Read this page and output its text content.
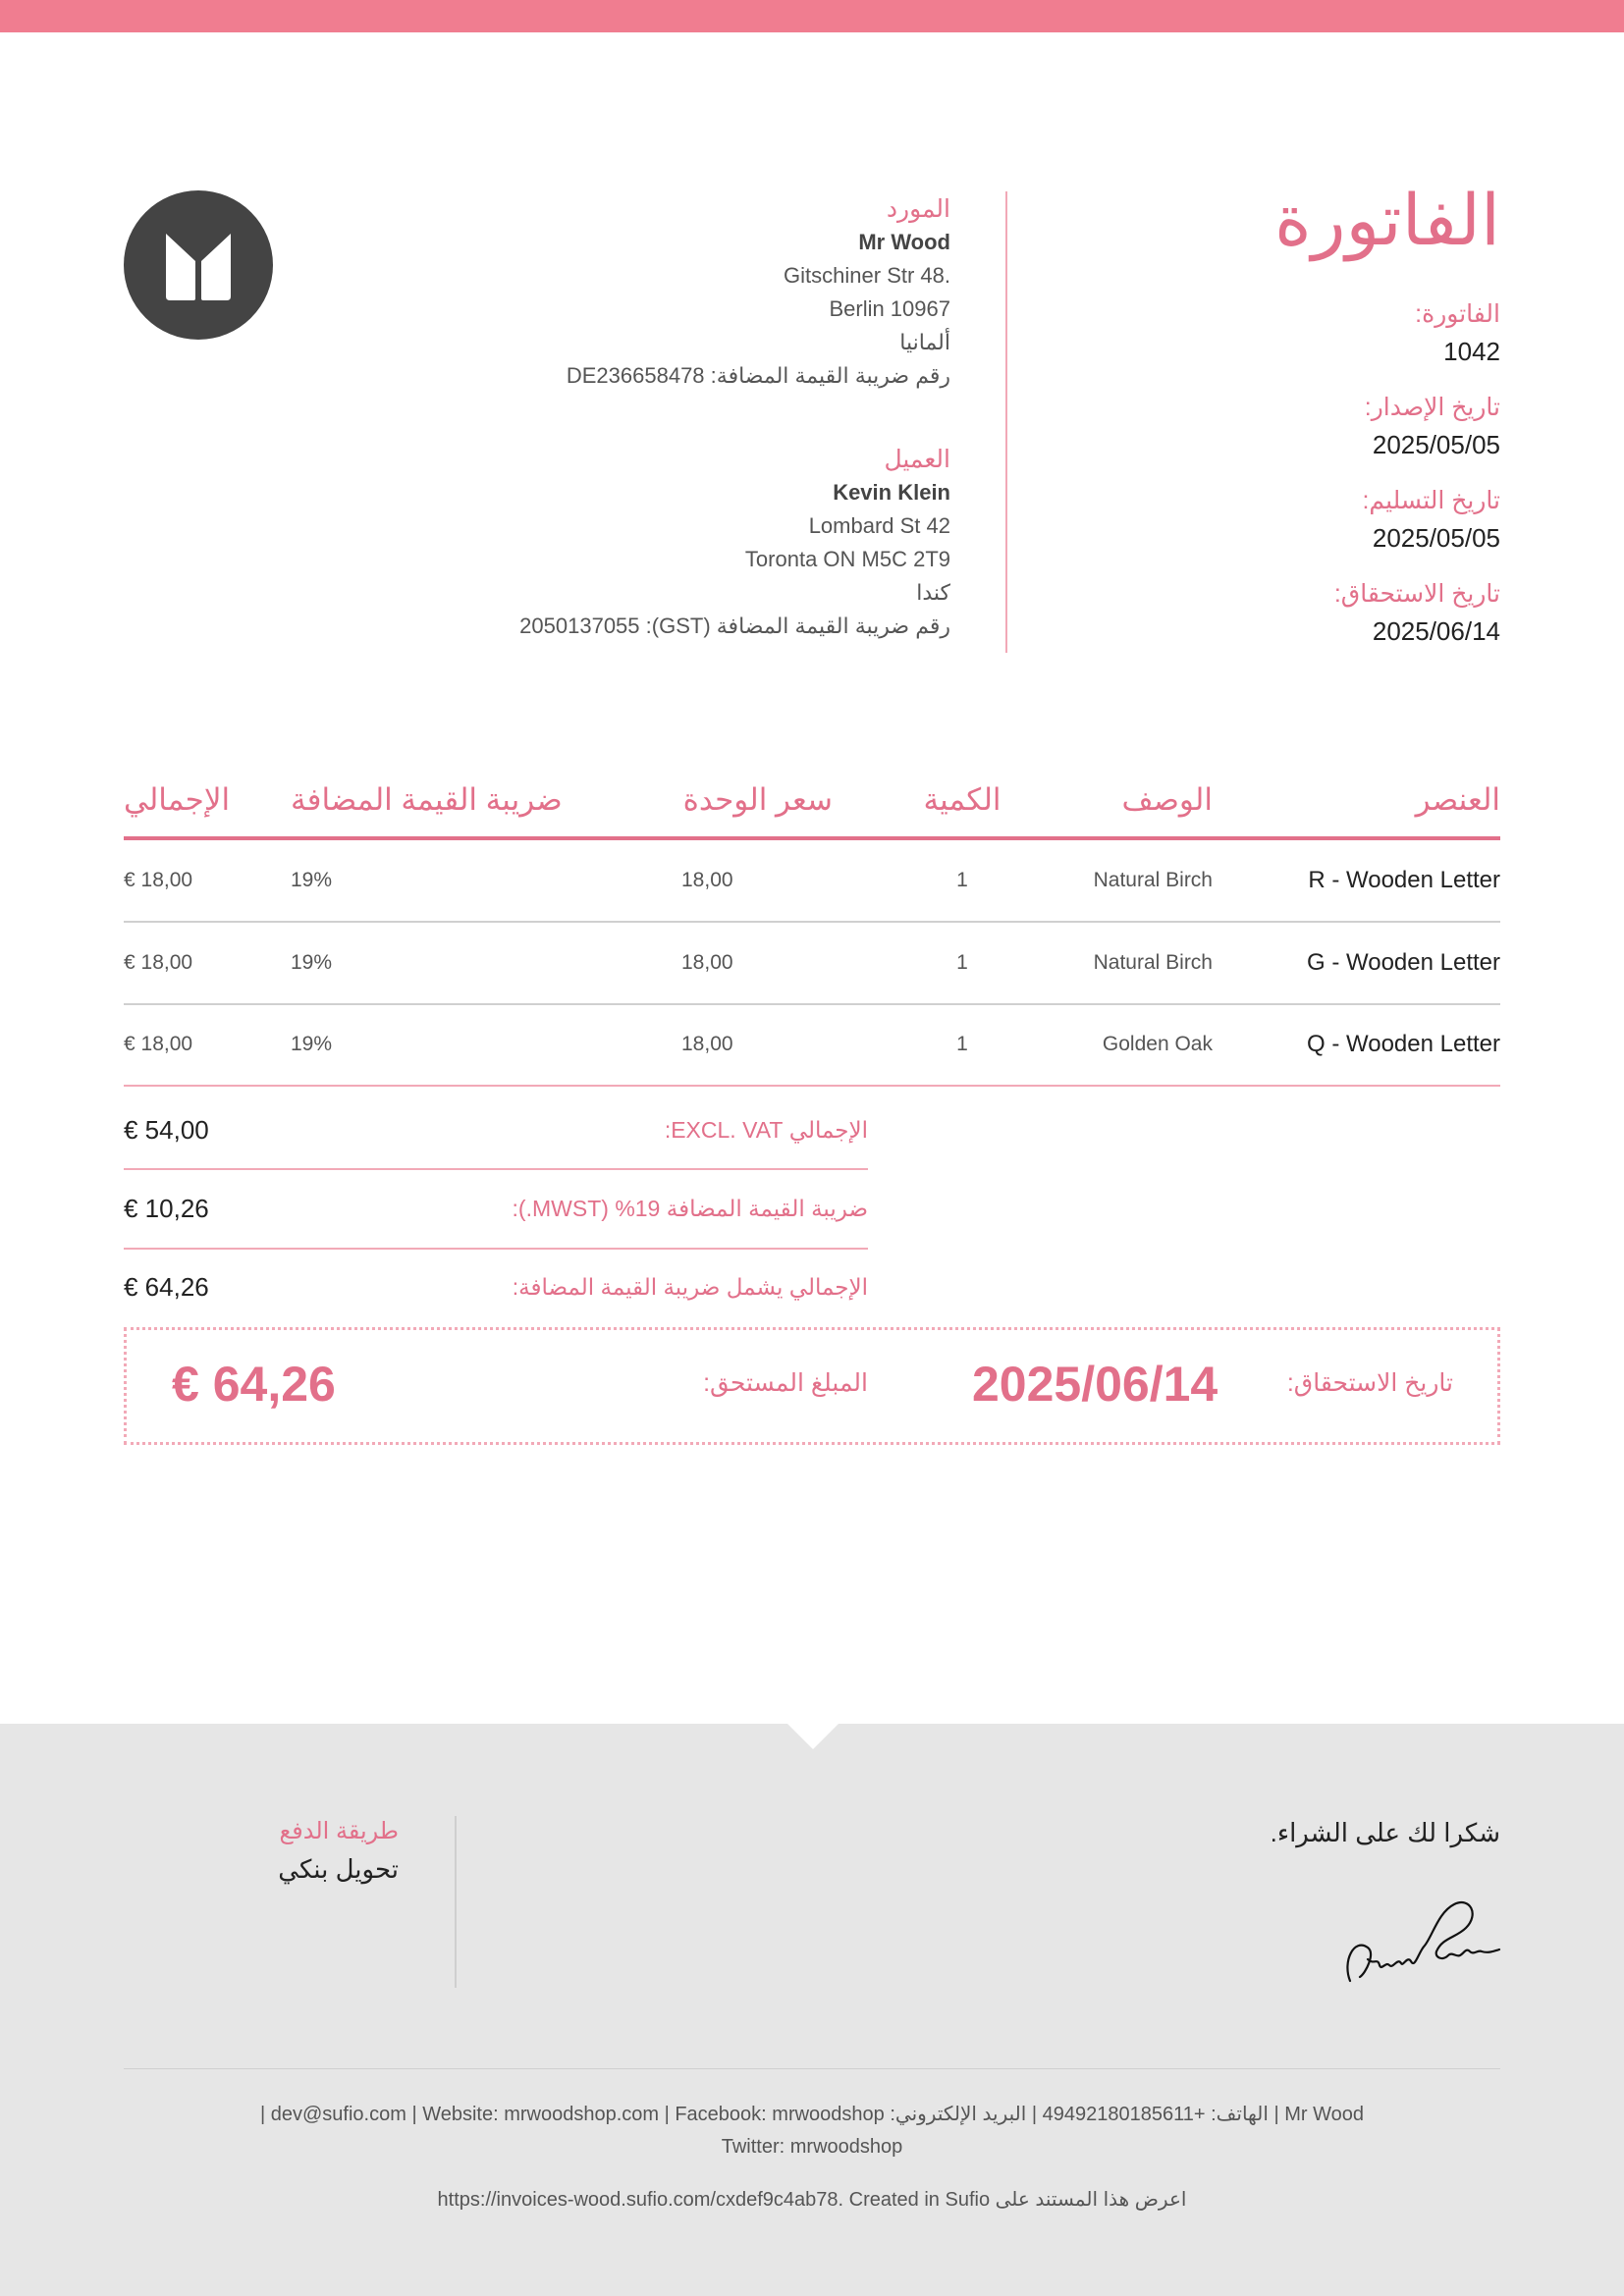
الفاتورة
الفاتورة:
1042
تاريخ الإصدار:
2025/05/05
تاريخ التسليم:
2025/05/05
تاريخ الاستحقاق:
2025/06/14
المورد
Mr Wood
Gitschiner Str 48.
Berlin 10967
ألمانيا
رقم ضريبة القيمة المضافة: DE236658478
العميل
Kevin Klein
Lombard St 42
Toronta ON M5C 2T9
كندا
رقم ضريبة القيمة المضافة (GST): 2050137055
العنصر
الوصف
الكمية
سعر الوحدة
ضريبة القيمة المضافة
الإجمالي
R - Wooden Letter
Natural Birch
1
18,00
19%
€ 18,00
G - Wooden Letter
Natural Birch
1
18,00
19%
€ 18,00
Q - Wooden Letter
Golden Oak
1
18,00
19%
€ 18,00
الإجمالي EXCL. VAT:
€ 54,00
ضريبة القيمة المضافة 19% (MWST.):
€ 10,26
الإجمالي يشمل ضريبة القيمة المضافة:
€ 64,26
تاريخ الاستحقاق:
2025/06/14
المبلغ المستحق:
€ 64,26
شكرا لك على الشراء.
طريقة الدفع
تحويل بنكي
Mr Wood | الهاتف: +49492180185611 | البريد الإلكتروني: dev@sufio.com | Website: mrwoodshop.com | Facebook: mrwoodshop |
Twitter: mrwoodshop
اعرض هذا المستند على https://invoices-wood.sufio.com/cxdef9c4ab78. Created in Sufio
